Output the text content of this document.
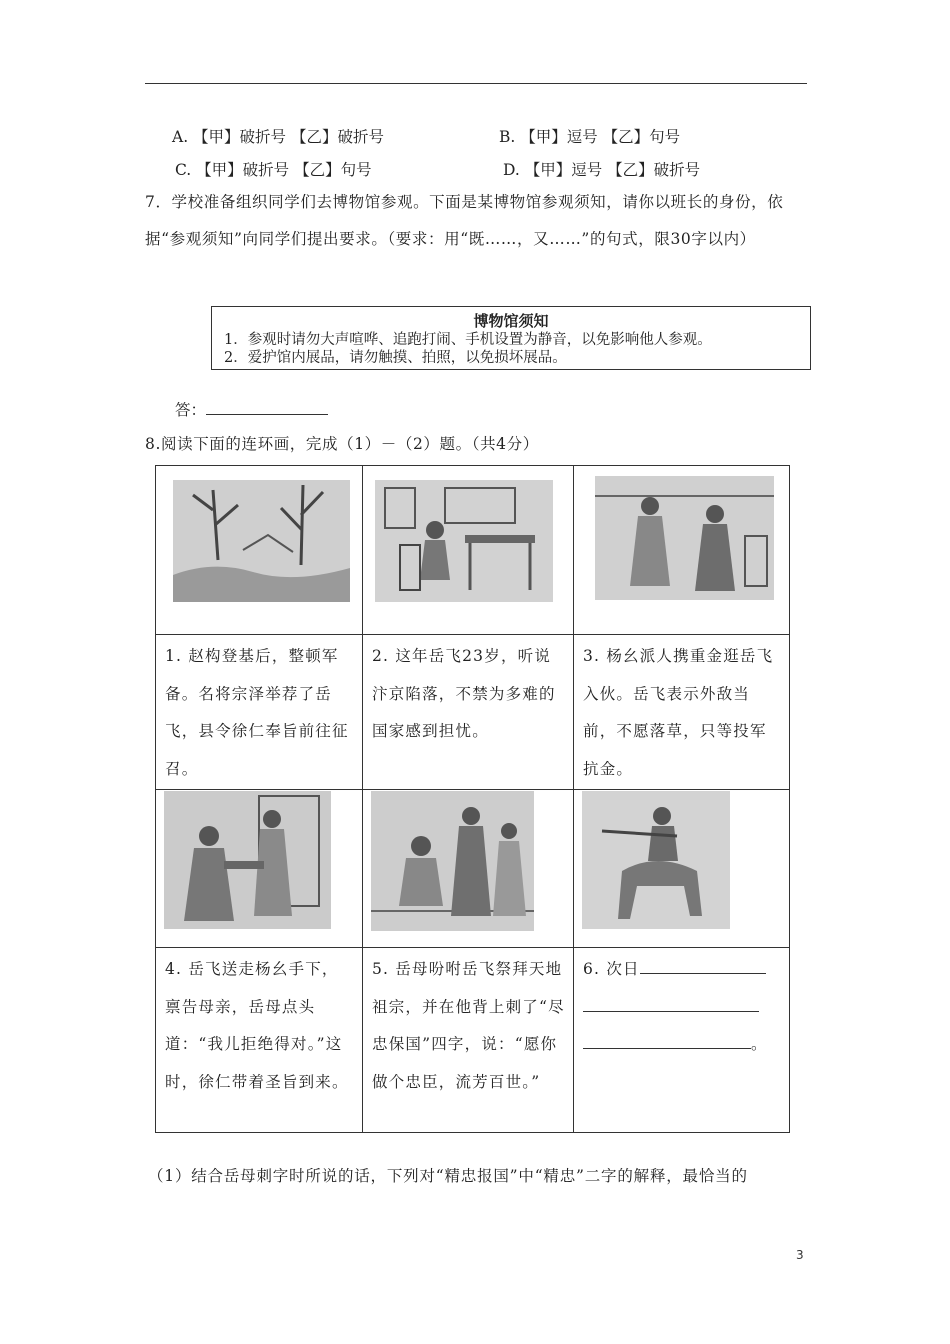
A. 【甲】破折号 【乙】破折号	B. 【甲】逗号 【乙】句号
C. 【甲】破折号 【乙】句号	D. 【甲】逗号 【乙】破折号
7．学校准备组织同学们去博物馆参观。下面是某博物馆参观须知，请你以班长的身份，依据“参观须知”向同学们提出要求。（要求：用“既……，又……”的句式，限30字以内）
博物馆须知
1．参观时请勿大声喧哗、追跑打闹、手机设置为静音，以免影响他人参观。
2．爱护馆内展品，请勿触摸、拍照，以免损坏展品。
答：
8.阅读下面的连环画，完成（1）－（2）题。（共4分）

1. 赵构登基后，整顿军备。名将宗泽举荐了岳飞，县令徐仁奉旨前往征召。	2. 这年岳飞23岁，听说汴京陷落，不禁为多难的国家感到担忧。	3. 杨幺派人携重金逛岳飞入伙。岳飞表示外敌当前，不愿落草，只等投军抗金。

4. 岳飞送走杨幺手下，禀告母亲，岳母点头道：“我儿拒绝得对。”这时，徐仁带着圣旨到来。	5. 岳母吩咐岳飞祭拜天地祖宗，并在他背上刺了“尽忠保国”四字，说：“愿你做个忠臣，流芳百世。”	6. 次日
。
（1）结合岳母刺字时所说的话，下列对“精忠报国”中“精忠”二字的解释，最恰当的
3
